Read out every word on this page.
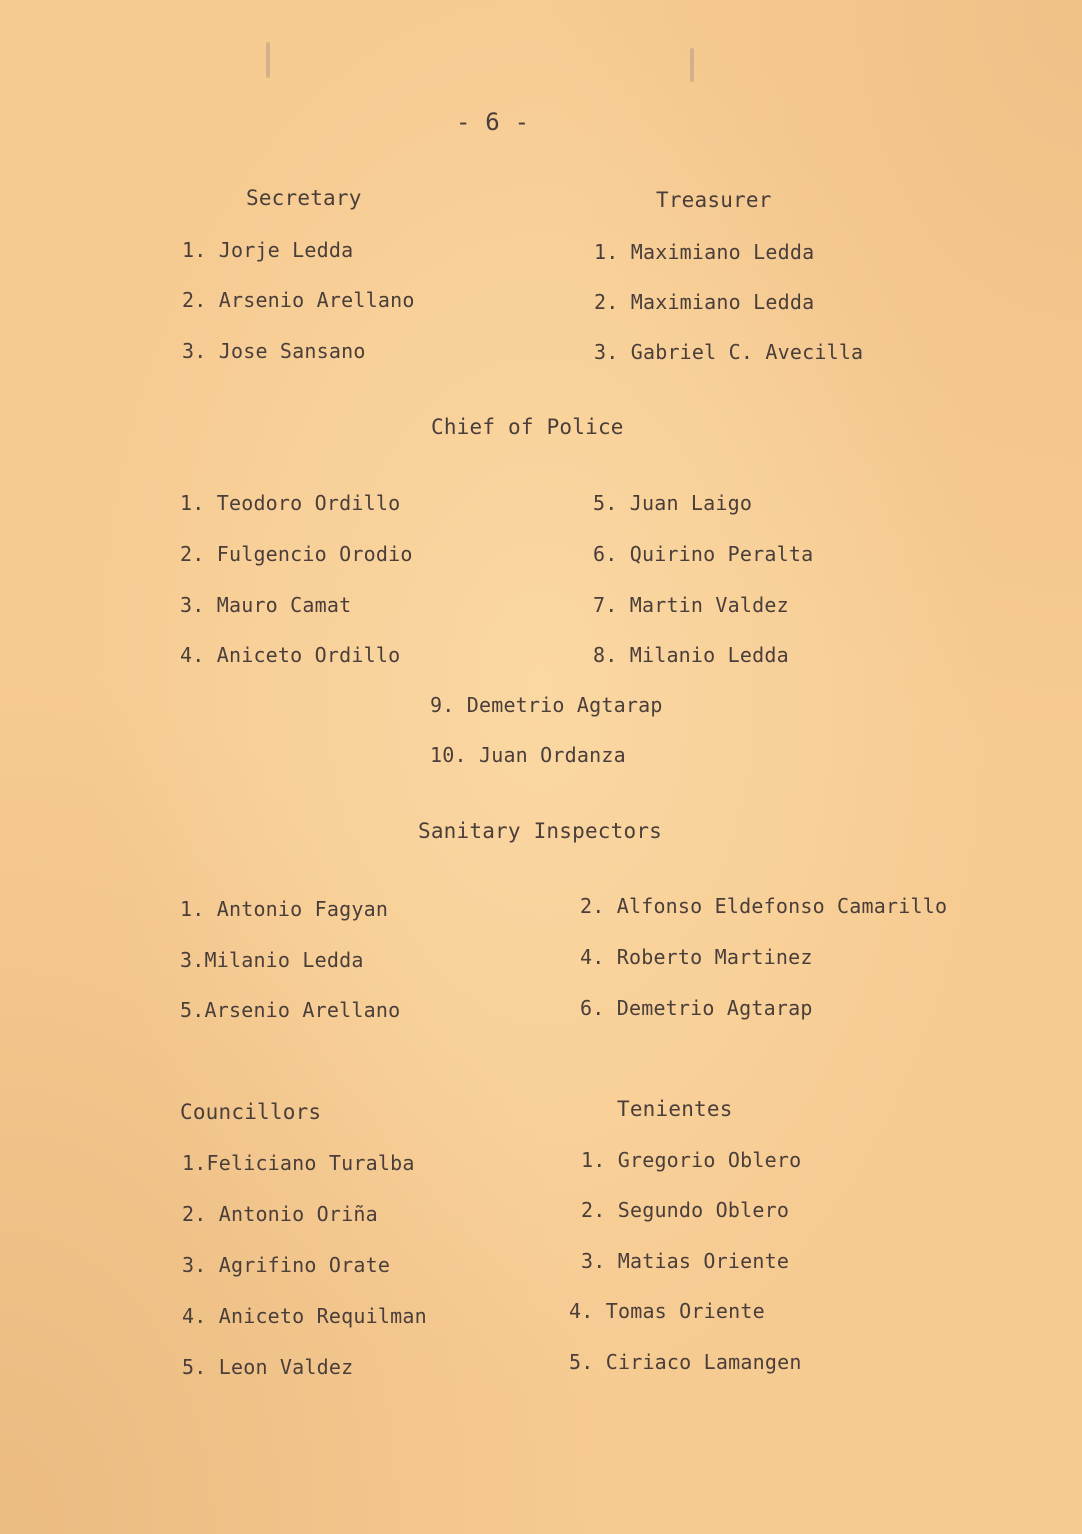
- 6 -
Secretary
1. Jorje Ledda
2. Arsenio Arellano
3. Jose Sansano
Treasurer
1. Maximiano Ledda
2. Maximiano Ledda
3. Gabriel C. Avecilla
Chief of Police
1. Teodoro Ordillo
2. Fulgencio Orodio
3. Mauro Camat
4. Aniceto Ordillo
5. Juan Laigo
6. Quirino Peralta
7. Martin Valdez
8. Milanio Ledda
9. Demetrio Agtarap
10. Juan Ordanza
Sanitary Inspectors
1. Antonio Fagyan
3.Milanio Ledda
5.Arsenio Arellano
2. Alfonso Eldefonso Camarillo
4. Roberto Martinez
6. Demetrio Agtarap
Councillors
1.Feliciano Turalba
2. Antonio Oriña
3. Agrifino Orate
4. Aniceto Requilman
5. Leon Valdez
Tenientes
1. Gregorio Oblero
2. Segundo Oblero
3. Matias Oriente
4. Tomas Oriente
5. Ciriaco Lamangen
